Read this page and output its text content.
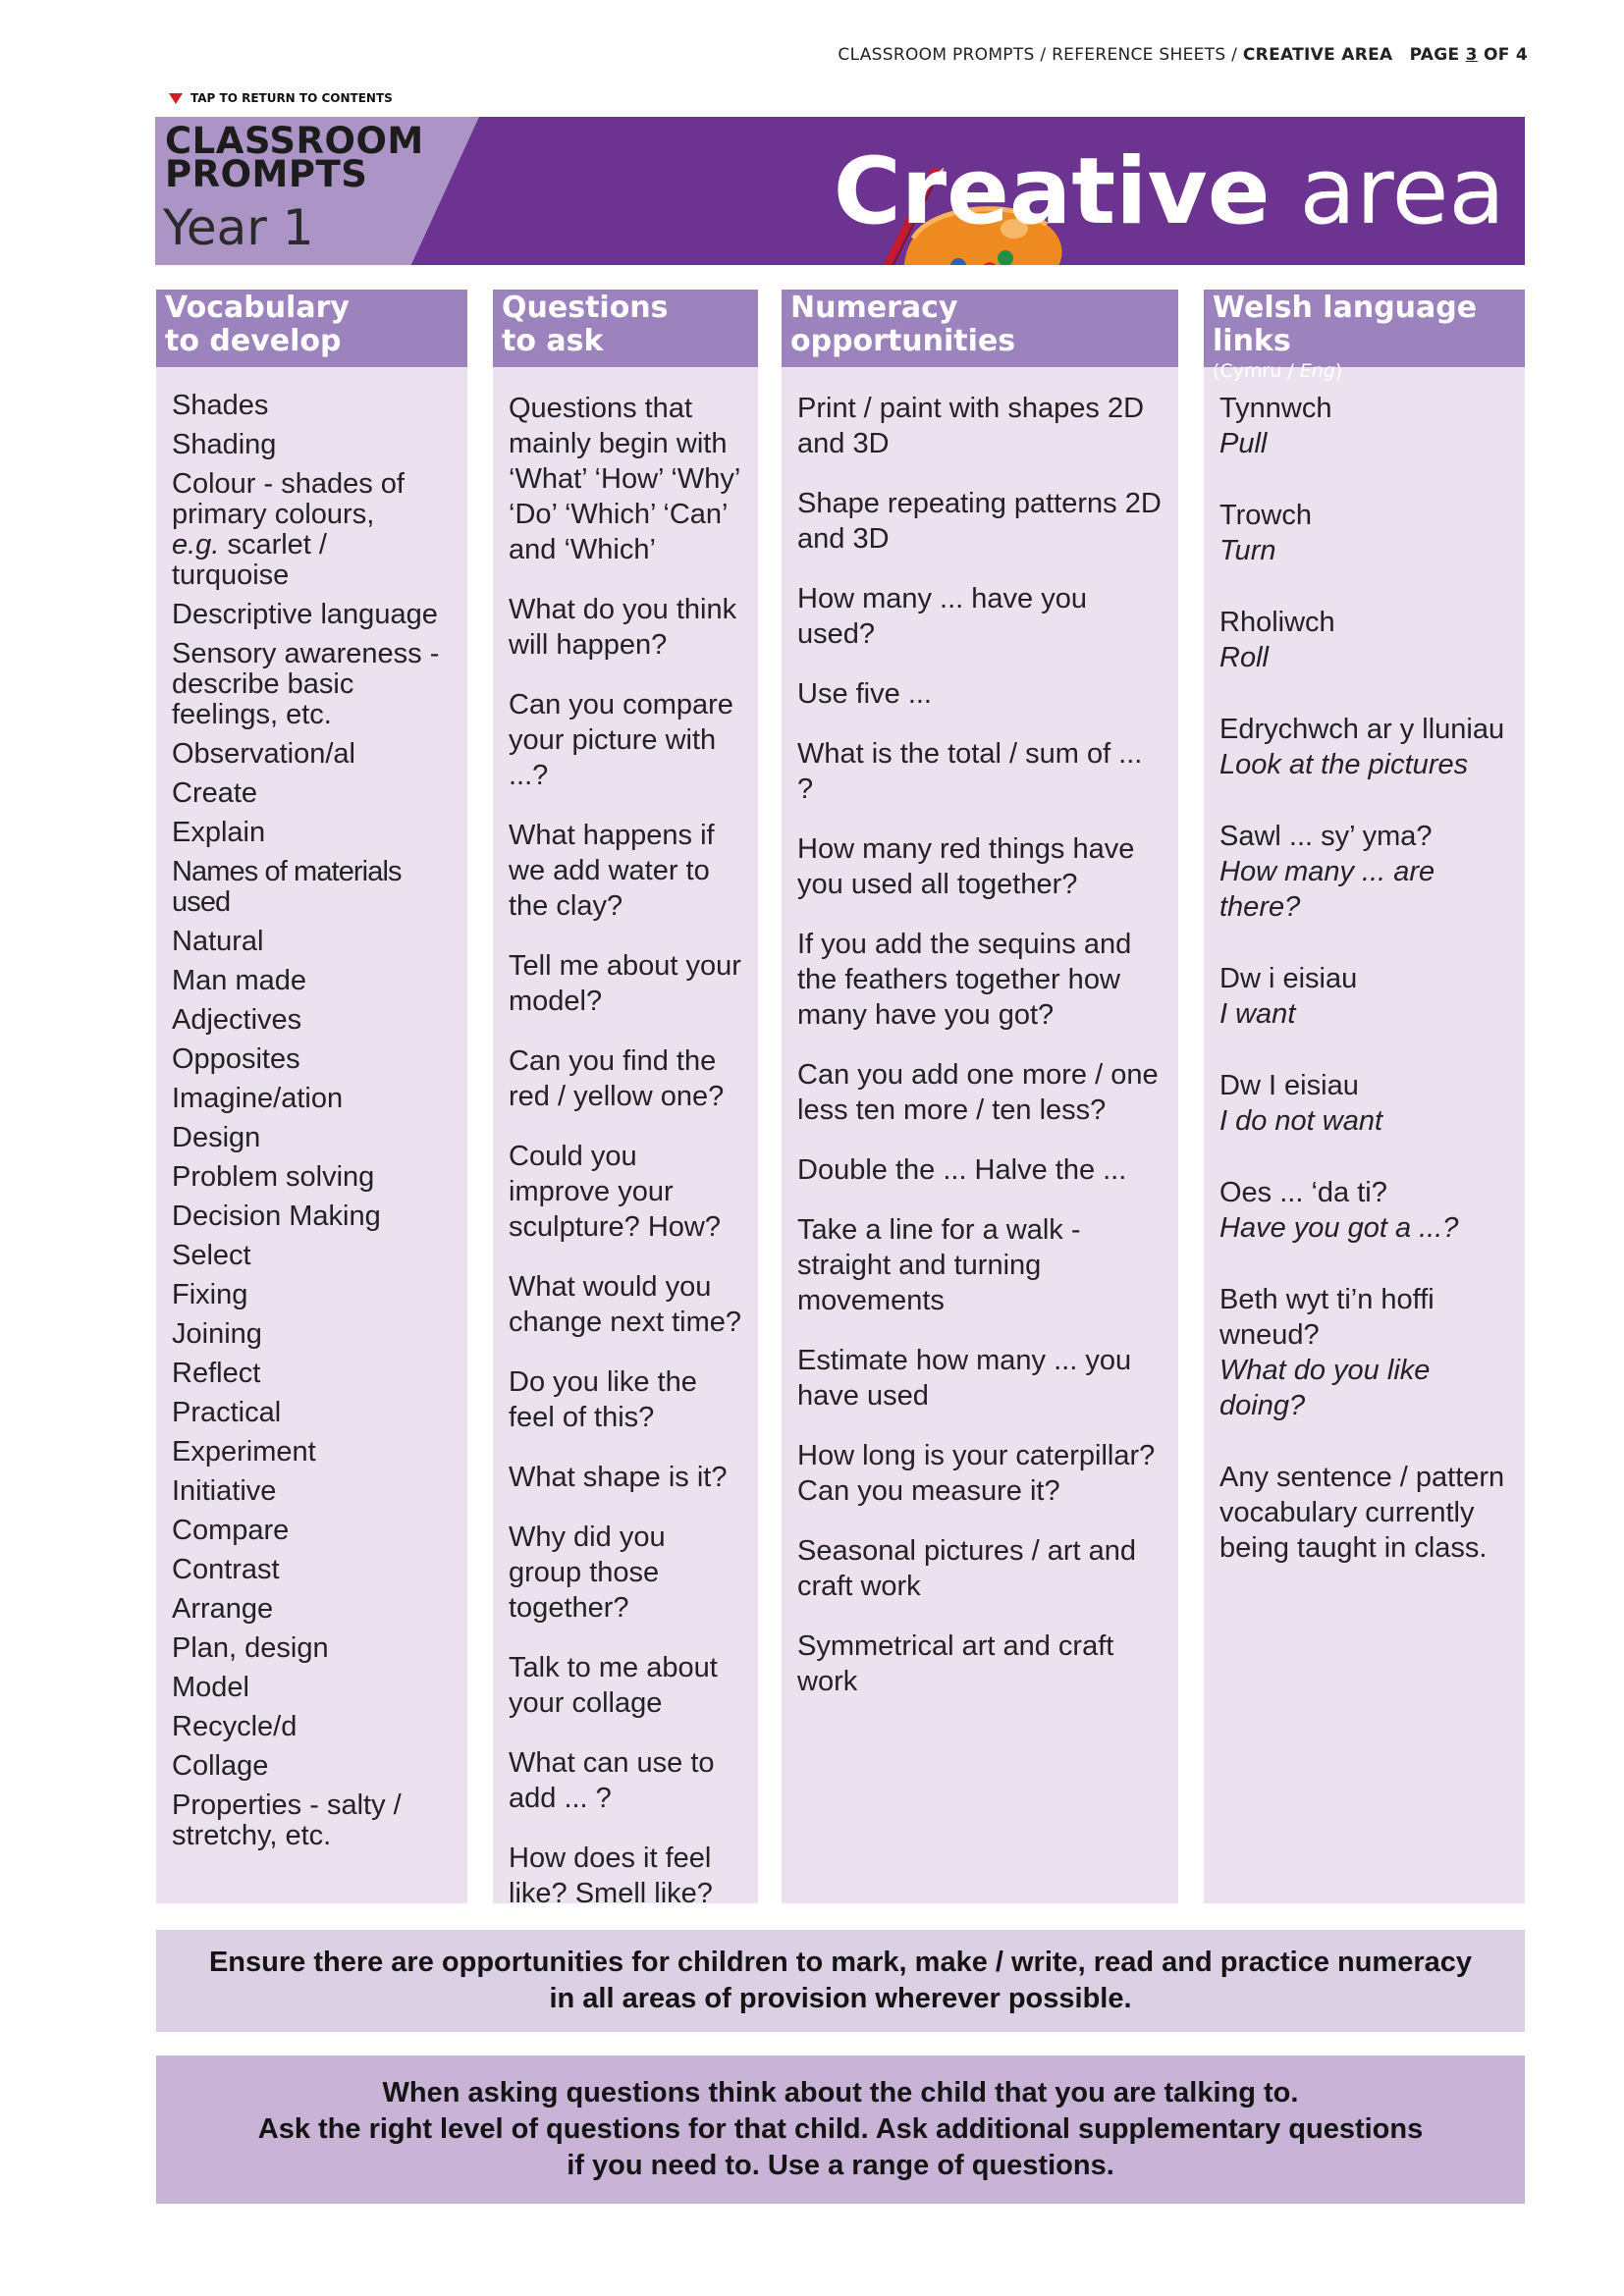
CLASSROOM PROMPTS / REFERENCE SHEETS / CREATIVE AREA PAGE 3 OF 4
TAP TO RETURN TO CONTENTS
CLASSROOM
PROMPTS
Year 1	Creative area
Vocabulary
to develop
Shades
Shading
Colour - shades of primary colours,
e.g. scarlet / turquoise
Descriptive language
Sensory awareness - describe basic feelings, etc.
Observation/al
Create
Explain
Names of materials used
Natural
Man made
Adjectives
Opposites
Imagine/ation
Design
Problem solving
Decision Making
Select
Fixing
Joining
Reflect
Practical
Experiment
Initiative
Compare
Contrast
Arrange
Plan, design
Model
Recycle/d
Collage
Properties - salty / stretchy, etc.
Questions
to ask
Questions that mainly begin with ‘What’ ‘How’ ‘Why’ ‘Do’ ‘Which’ ‘Can’ and ‘Which’
What do you think will happen?
Can you compare your picture with ...?
What happens if we add water to the clay?
Tell me about your model?
Can you find the red / yellow one?
Could you improve your sculpture? How?
What would you change next time?
Do you like the feel of this?
What shape is it?
Why did you group those together?
Talk to me about your collage
What can use to add ... ?
How does it feel like? Smell like?
Numeracy opportunities
Print / paint with shapes 2D and 3D
Shape repeating patterns 2D and 3D
How many ... have you used?
Use five ...
What is the total / sum of ... ?
How many red things have you used all together?
If you add the sequins and the feathers together how many have you got?
Can you add one more / one less ten more / ten less?
Double the ... Halve the ...
Take a line for a walk - straight and turning movements
Estimate how many ... you have used
How long is your caterpillar? Can you measure it?
Seasonal pictures / art and craft work
Symmetrical art and craft work
Welsh language links
(Cymru / Eng)
Tynnwch
Pull
Trowch
Turn
Rholiwch
Roll
Edrychwch ar y lluniau
Look at the pictures
Sawl ... sy’ yma?
How many ... are there?
Dw i eisiau
I want
Dw I eisiau
I do not want
Oes ... ‘da ti?
Have you got a ...?
Beth wyt ti’n hoffi wneud?
What do you like doing?
Any sentence / pattern vocabulary currently being taught in class.
Ensure there are opportunities for children to mark, make / write, read and practice numeracy
in all areas of provision wherever possible.
When asking questions think about the child that you are talking to.
Ask the right level of questions for that child. Ask additional supplementary questions
if you need to. Use a range of questions.
